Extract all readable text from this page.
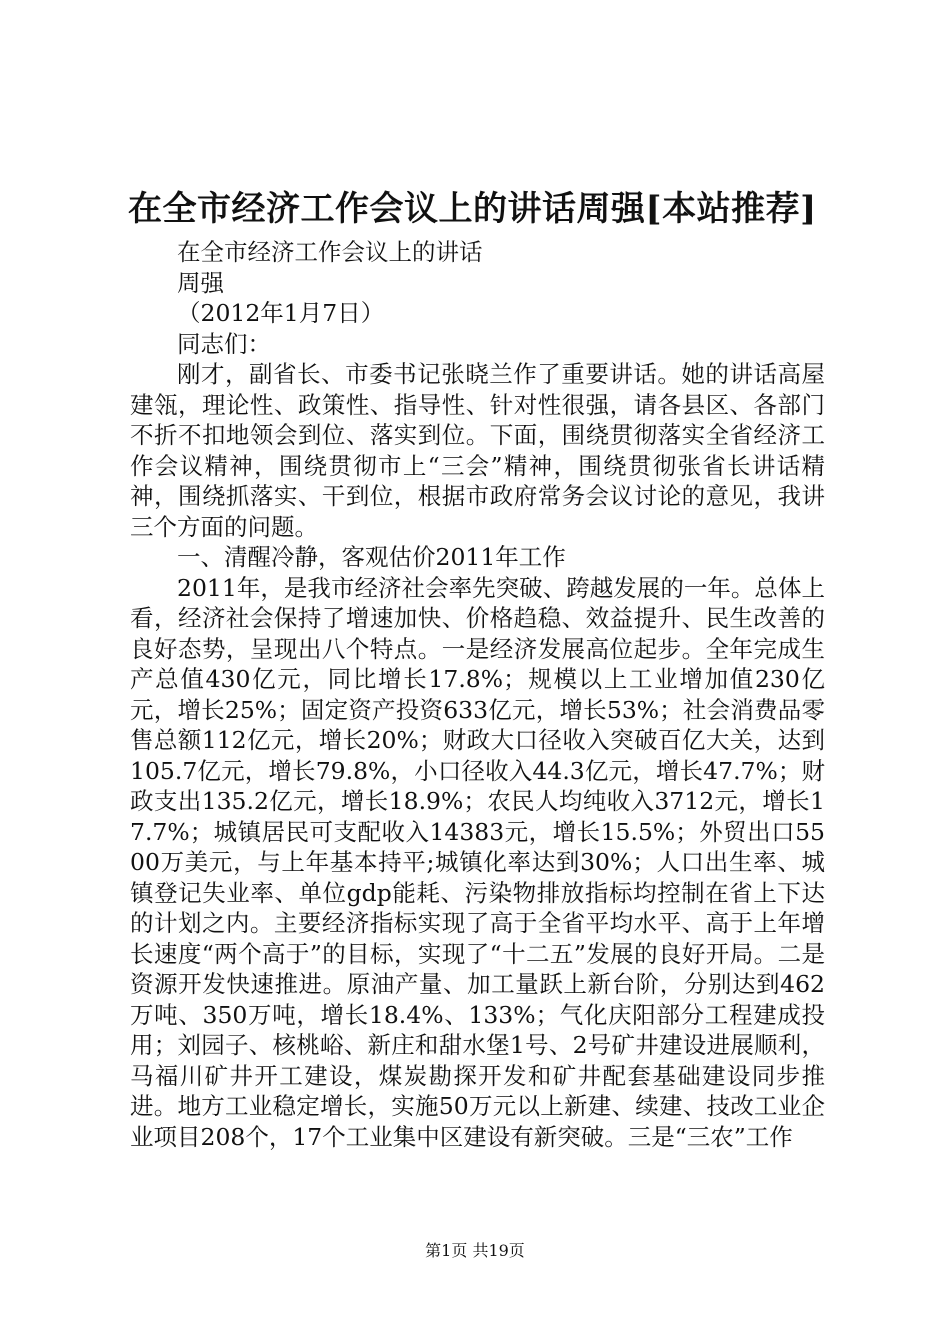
在全市经济工作会议上的讲话周强[本站推荐]

在全市经济工作会议上的讲话

周强

（2012年1月7日）

同志们：

刚才，副省长、市委书记张晓兰作了重要讲话。她的讲话高屋建瓴，理论性、政策性、指导性、针对性很强，请各县区、各部门不折不扣地领会到位、落实到位。下面，围绕贯彻落实全省经济工作会议精神，围绕贯彻市上“三会”精神，围绕贯彻张省长讲话精神，围绕抓落实、干到位，根据市政府常务会议讨论的意见，我讲三个方面的问题。

一、清醒冷静，客观估价2011年工作

2011年，是我市经济社会率先突破、跨越发展的一年。总体上看，经济社会保持了增速加快、价格趋稳、效益提升、民生改善的良好态势，呈现出八个特点。一是经济发展高位起步。全年完成生产总值430亿元，同比增长17.8%；规模以上工业增加值230亿元，增长25%；固定资产投资633亿元，增长53%；社会消费品零售总额112亿元，增长20%；财政大口径收入突破百亿大关，达到105.7亿元，增长79.8%，小口径收入44.3亿元，增长47.7%；财政支出135.2亿元，增长18.9%；农民人均纯收入3712元，增长17.7%；城镇居民可支配收入14383元，增长15.5%；外贸出口5500万美元，与上年基本持平;城镇化率达到30%；人口出生率、城镇登记失业率、单位gdp能耗、污染物排放指标均控制在省上下达的计划之内。主要经济指标实现了高于全省平均水平、高于上年增长速度“两个高于”的目标，实现了“十二五”发展的良好开局。二是资源开发快速推进。原油产量、加工量跃上新台阶，分别达到462万吨、350万吨，增长18.4%、133%；气化庆阳部分工程建成投用；刘园子、核桃峪、新庄和甜水堡1号、2号矿井建设进展顺利，马福川矿井开工建设，煤炭勘探开发和矿井配套基础建设同步推进。地方工业稳定增长，实施50万元以上新建、续建、技改工业企业项目208个，17个工业集中区建设有新突破。三是“三农”工作

第1页 共19页
